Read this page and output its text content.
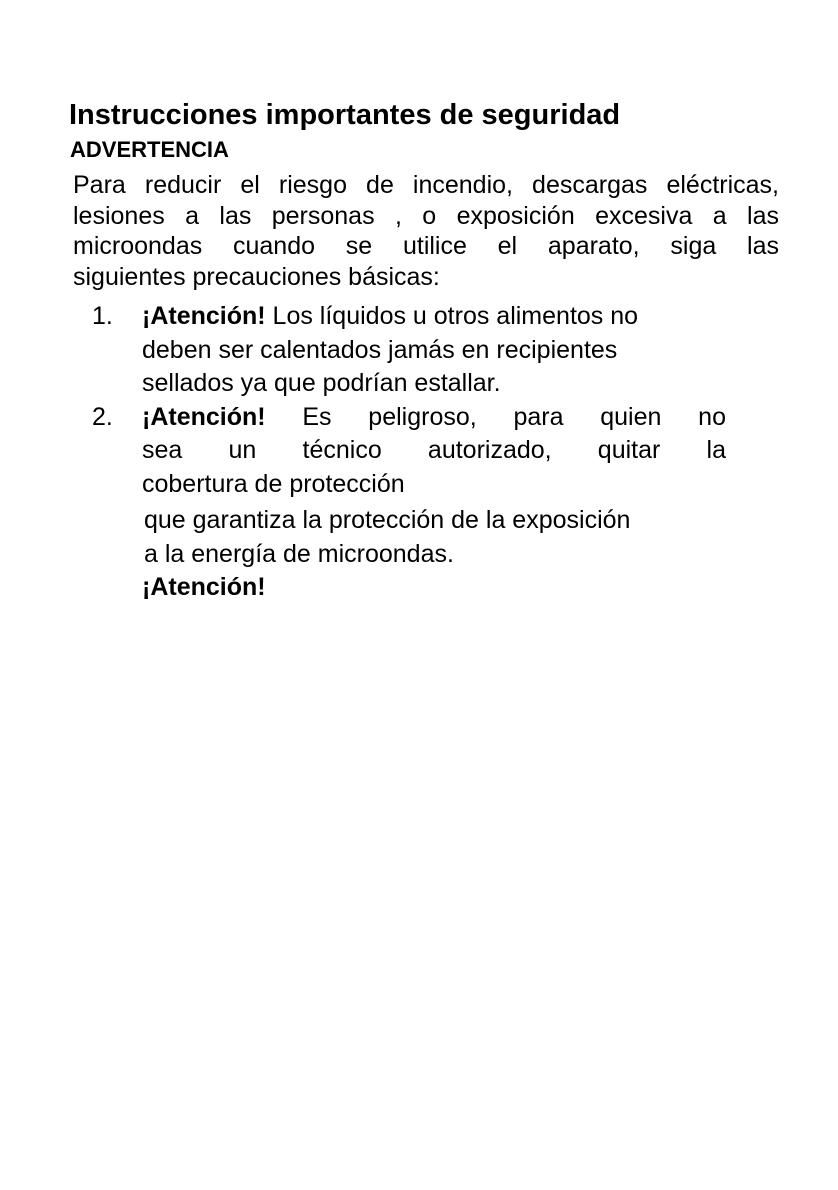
Instrucciones importantes de seguridad
ADVERTENCIA
Para reducir el riesgo de incendio, descargas eléctricas,
lesiones a las personas , o exposición excesiva a las
microondas cuando se utilice el aparato, siga las
siguientes precauciones básicas:
1. ¡Atención! Los líquidos u otros alimentos no
deben ser calentados jamás en recipientes
sellados ya que podrían estallar.
2. ¡Atención! Es peligroso, para quien no
sea un técnico autorizado, quitar la
cobertura de protección
que garantiza la protección de la exposición
a la energía de microondas.
¡Atención!
